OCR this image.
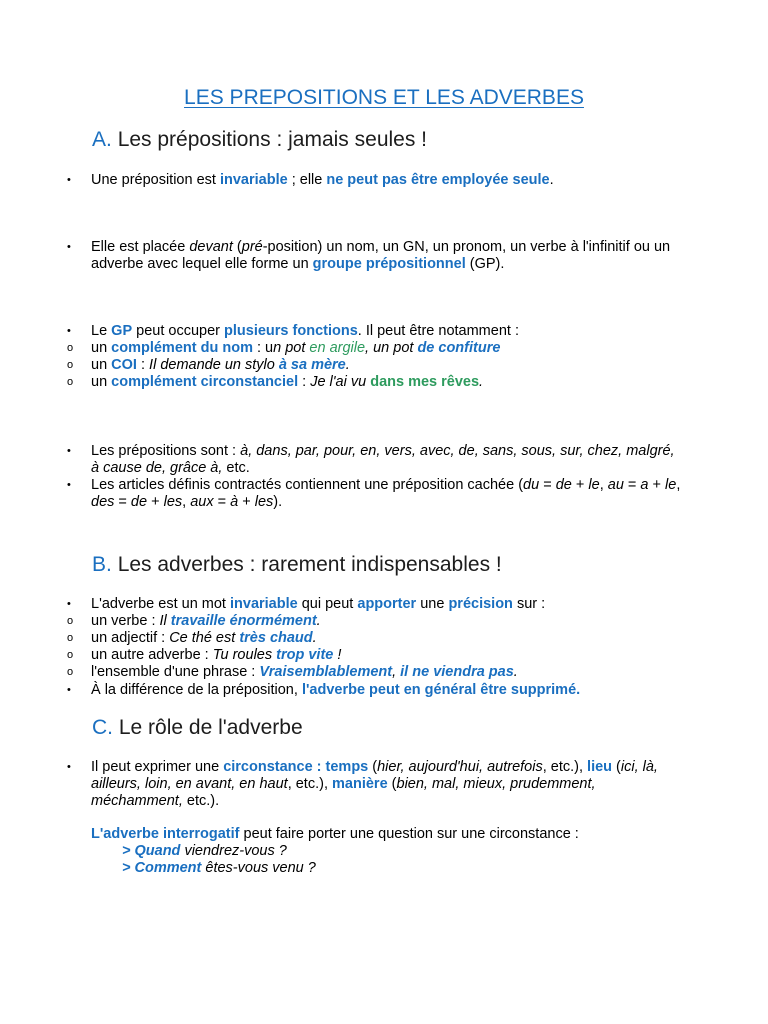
LES PREPOSITIONS ET LES ADVERBES
A. Les prépositions : jamais seules !
• Une préposition est invariable ; elle ne peut pas être employée seule.
• Elle est placée devant (pré-position) un nom, un GN, un pronom, un verbe à l'infinitif ou un adverbe avec lequel elle forme un groupe prépositionnel (GP).
• Le GP peut occuper plusieurs fonctions. Il peut être notamment :
o un complément du nom : un pot en argile, un pot de confiture
o un COI : Il demande un stylo à sa mère.
o un complément circonstanciel : Je l'ai vu dans mes rêves.
• Les prépositions sont : à, dans, par, pour, en, vers, avec, de, sans, sous, sur, chez, malgré, à cause de, grâce à, etc.
• Les articles définis contractés contiennent une préposition cachée (du = de + le, au = a + le, des = de + les, aux = à + les).
B. Les adverbes : rarement indispensables !
• L'adverbe est un mot invariable qui peut apporter une précision sur :
o un verbe : Il travaille énormément.
o un adjectif : Ce thé est très chaud.
o un autre adverbe : Tu roules trop vite !
o l'ensemble d'une phrase : Vraisemblablement, il ne viendra pas.
• À la différence de la préposition, l'adverbe peut en général être supprimé.
C. Le rôle de l'adverbe
• Il peut exprimer une circonstance : temps (hier, aujourd'hui, autrefois, etc.), lieu (ici, là, ailleurs, loin, en avant, en haut, etc.), manière (bien, mal, mieux, prudemment, méchamment, etc.).
L'adverbe interrogatif peut faire porter une question sur une circonstance :
> Quand viendrez-vous ?
> Comment êtes-vous venu ?
